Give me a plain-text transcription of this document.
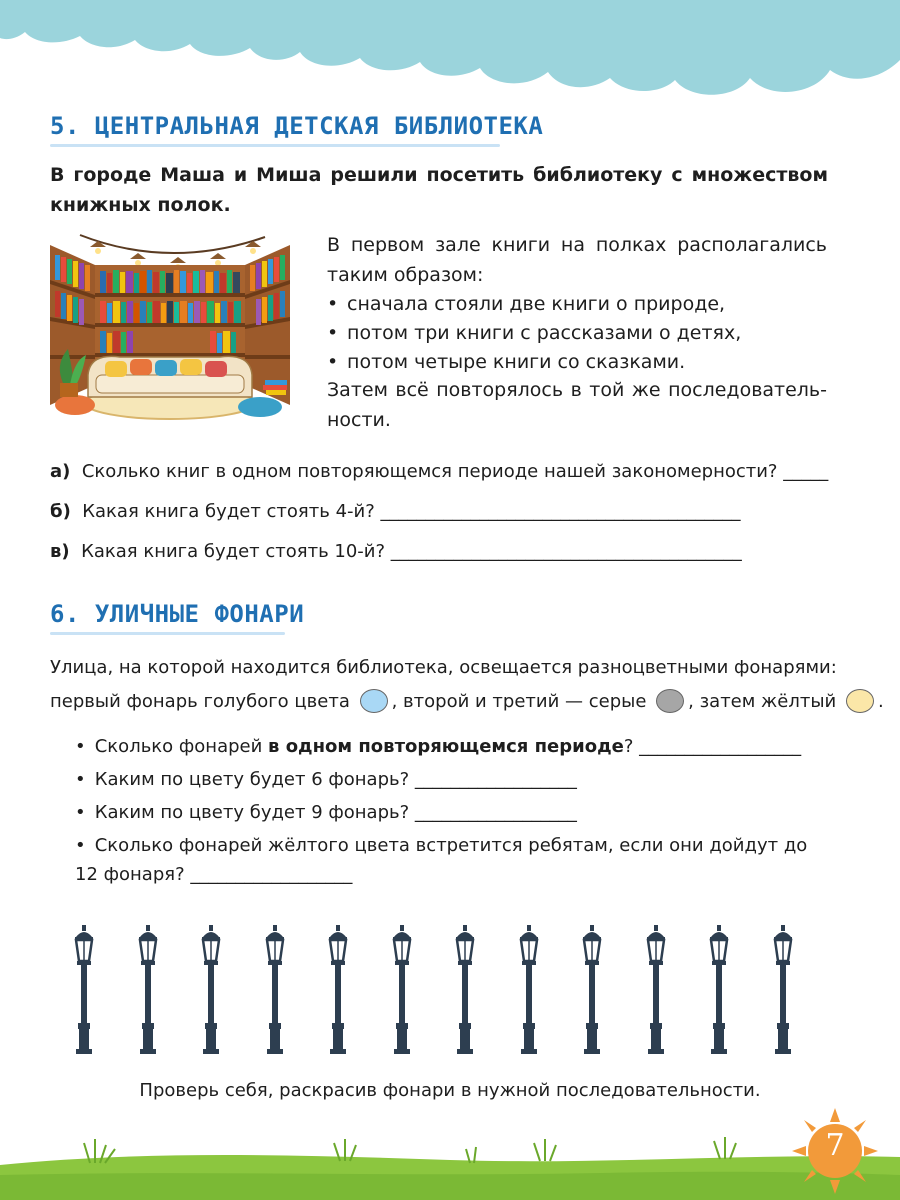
5. ЦЕНТРАЛЬНАЯ ДЕТСКАЯ БИБЛИОТЕКА
В городе Маша и Миша решили посетить библиотеку с множеством книжных полок.
В первом зале книги на полках располагались таким образом:
• сначала стояли две книги о природе,
• потом три книги с рассказами о детях,
• потом четыре книги со сказками.
Затем всё повторялось в той же последователь-ности.
а) Сколько книг в одном повторяющемся периоде нашей закономерности? _____
б) Какая книга будет стоять 4-й? ________________________________________
в) Какая книга будет стоять 10-й? _______________________________________
6. УЛИЧНЫЕ ФОНАРИ
Улица, на которой находится библиотека, освещается разноцветными фонарями:
первый фонарь голубого цвета , второй и третий — серые , затем жёлтый .
• Сколько фонарей в одном повторяющемся периоде? __________________
• Каким по цвету будет 6 фонарь? __________________
• Каким по цвету будет 9 фонарь? __________________
• Сколько фонарей жёлтого цвета встретится ребятам, если они дойдут до
12 фонаря? __________________
Проверь себя, раскрасив фонари в нужной последовательности.
7
